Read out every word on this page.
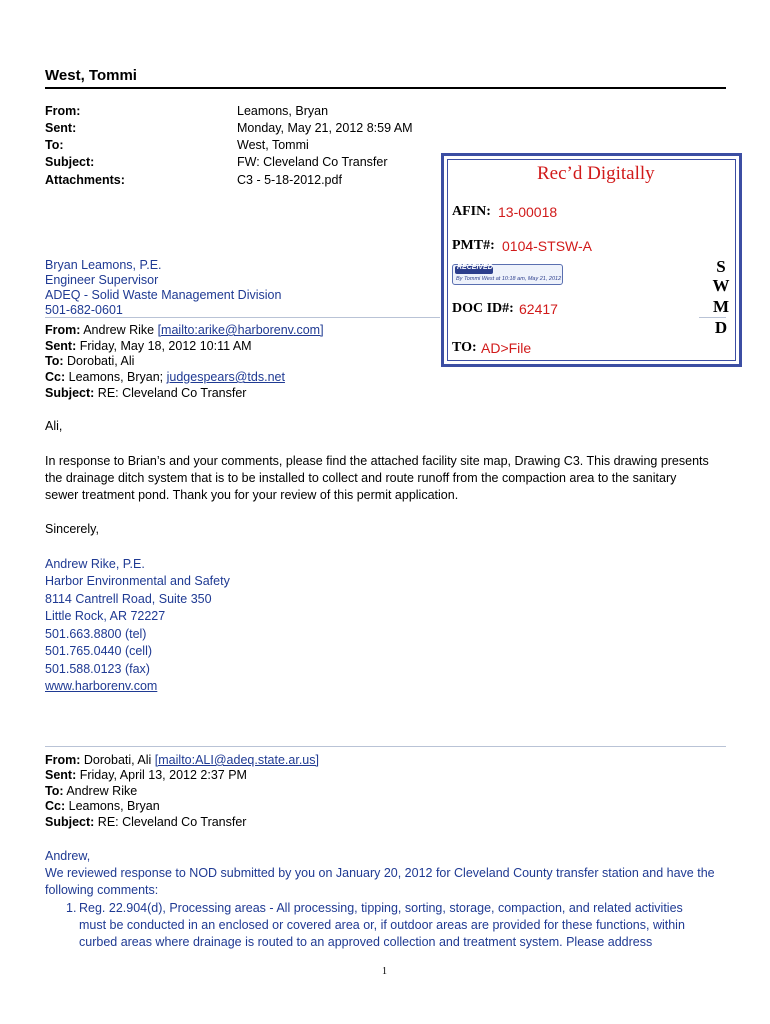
West, Tommi
From:	Leamons, Bryan
Sent:	Monday, May 21, 2012 8:59 AM
To:	West, Tommi
Subject:	FW: Cleveland Co Transfer
Attachments:	C3 - 5-18-2012.pdf	Rec’d Digitally
AFIN: 13-00018
PMT#: 0104-STSW-A
RECEIVED
By Tommi West at 10:18 am, May 21, 2012
DOC ID#: 62417
TO: AD>File
S
W
M
D
Bryan Leamons, P.E.
Engineer Supervisor
ADEQ - Solid Waste Management Division
501-682-0601
From: Andrew Rike [mailto:arike@harborenv.com]
Sent: Friday, May 18, 2012 10:11 AM
To: Dorobati, Ali
Cc: Leamons, Bryan; judgespears@tds.net
Subject: RE: Cleveland Co Transfer
Ali,
In response to Brian’s and your comments, please find the attached facility site map, Drawing C3. This drawing presents
the drainage ditch system that is to be installed to collect and route runoff from the compaction area to the sanitary
sewer treatment pond. Thank you for your review of this permit application.
Sincerely,
Andrew Rike, P.E.
Harbor Environmental and Safety
8114 Cantrell Road, Suite 350
Little Rock, AR 72227
501.663.8800 (tel)
501.765.0440 (cell)
501.588.0123 (fax)
www.harborenv.com
From: Dorobati, Ali [mailto:ALI@adeq.state.ar.us]
Sent: Friday, April 13, 2012 2:37 PM
To: Andrew Rike
Cc: Leamons, Bryan
Subject: RE: Cleveland Co Transfer
Andrew,
We reviewed response to NOD submitted by you on January 20, 2012 for Cleveland County transfer station and have the
following comments:
1. Reg. 22.904(d), Processing areas - All processing, tipping, sorting, storage, compaction, and related activities
must be conducted in an enclosed or covered area or, if outdoor areas are provided for these functions, within
curbed areas where drainage is routed to an approved collection and treatment system. Please address
1
